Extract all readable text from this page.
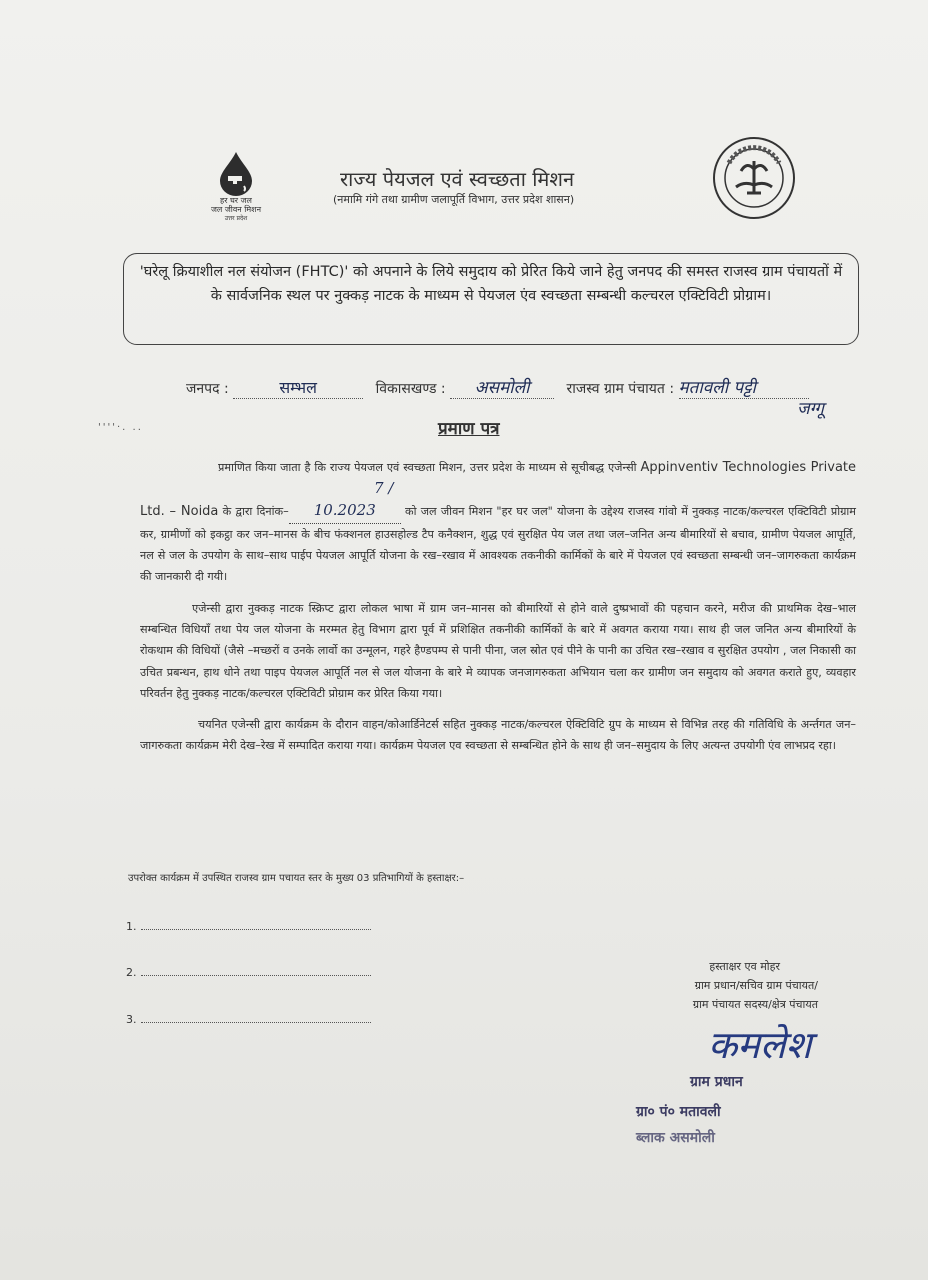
हर घर जल
जल जीवन मिशन
उत्तर प्रदेश
राज्य पेयजल एवं स्वच्छता मिशन
(नमामि गंगे तथा ग्रामीण जलापूर्ति विभाग, उत्तर प्रदेश शासन)
'घरेलू क्रियाशील नल संयोजन (FHTC)' को अपनाने के लिये समुदाय को प्रेरित किये जाने हेतु जनपद की समस्त राजस्व ग्राम पंचायतों में के सार्वजनिक स्थल पर नुक्कड़ नाटक के माध्यम से पेयजल एंव स्वच्छता सम्बन्धी कल्चरल एक्टिविटी प्रोग्राम।
जनपद :	सम्भल	विकासखण्ड : असमोली	राजस्व ग्राम पंचायत : मतावली पट्टी
जग्गू
''''·. ..	प्रमाण पत्र
प्रमाणित किया जाता है कि राज्य पेयजल एवं स्वच्छता मिशन, उत्तर प्रदेश के माध्यम से सूचीबद्ध एजेन्सी Appinventiv Technologies Private Ltd. – Noida के द्वारा दिनांक–7 / 10.2023	को जल जीवन मिशन "हर घर जल" योजना के उद्देश्य राजस्व गांवो में नुक्कड़ नाटक/कल्चरल एक्टिविटी प्रोग्राम कर, ग्रामीणों को इकट्ठा कर जन–मानस के बीच फंक्शनल हाउसहोल्ड टैप कनैक्शन, शुद्ध एवं सुरक्षित पेय जल तथा जल–जनित अन्य बीमारियों से बचाव, ग्रामीण पेयजल आपूर्ति, नल से जल के उपयोग के साथ–साथ पाईप पेयजल आपूर्ति योजना के रख–रखाव में आवश्यक तकनीकी कार्मिकों के बारे में पेयजल एवं स्वच्छता सम्बन्धी जन–जागरुकता कार्यक्रम की जानकारी दी गयी।
एजेन्सी द्वारा नुक्कड़ नाटक स्क्रिप्ट द्वारा लोकल भाषा में ग्राम जन–मानस को बीमारियों से होने वाले दुष्प्रभावों की पहचान करने, मरीज की प्राथमिक देख–भाल सम्बन्धित विधियाँ तथा पेय जल योजना के मरम्मत हेतु विभाग द्वारा पूर्व में प्रशिक्षित तकनीकी कार्मिकों के बारे में अवगत कराया गया। साथ ही जल जनित अन्य बीमारियों के रोकथाम की विधियों (जैसे –मच्छरों व उनके लार्वो का उन्मूलन, गहरे हैण्डपम्प से पानी पीना, जल स्रोत एवं पीने के पानी का उचित रख–रखाव व सुरक्षित उपयोग , जल निकासी का उचित प्रबन्धन, हाथ धोने तथा पाइप पेयजल आपूर्ति नल से जल योजना के बारे मे व्यापक जनजागरुकता अभियान चला कर ग्रामीण जन समुदाय को अवगत कराते हुए, व्यवहार परिवर्तन हेतु नुक्कड़ नाटक/कल्चरल एक्टिविटी प्रोग्राम कर प्रेरित किया गया।
चयनित एजेन्सी द्वारा कार्यक्रम के दौरान वाहन/कोआर्डिनेटर्स सहित नुक्कड़ नाटक/कल्चरल ऐक्टिविटि ग्रुप के माध्यम से विभिन्न तरह की गतिविधि के अर्न्तगत जन–जागरुकता कार्यक्रम मेरी देख–रेख में सम्पादित कराया गया। कार्यक्रम पेयजल एव स्वच्छता से सम्बन्धित होने के साथ ही जन–समुदाय के लिए अत्यन्त उपयोगी एंव लाभप्रद रहा।
उपरोक्त कार्यक्रम में उपस्थित राजस्व ग्राम पचायत स्तर के मुख्य 03 प्रतिभागियों के हस्ताक्षर:–
1.
2.
3.
हस्ताक्षर एव मोहर
ग्राम प्रधान/सचिव ग्राम पंचायत/
ग्राम पंचायत सदस्य/क्षेत्र पंचायत
कमलेश
ग्राम प्रधान
ग्रा० पं० मतावली
ब्लाक असमोली
